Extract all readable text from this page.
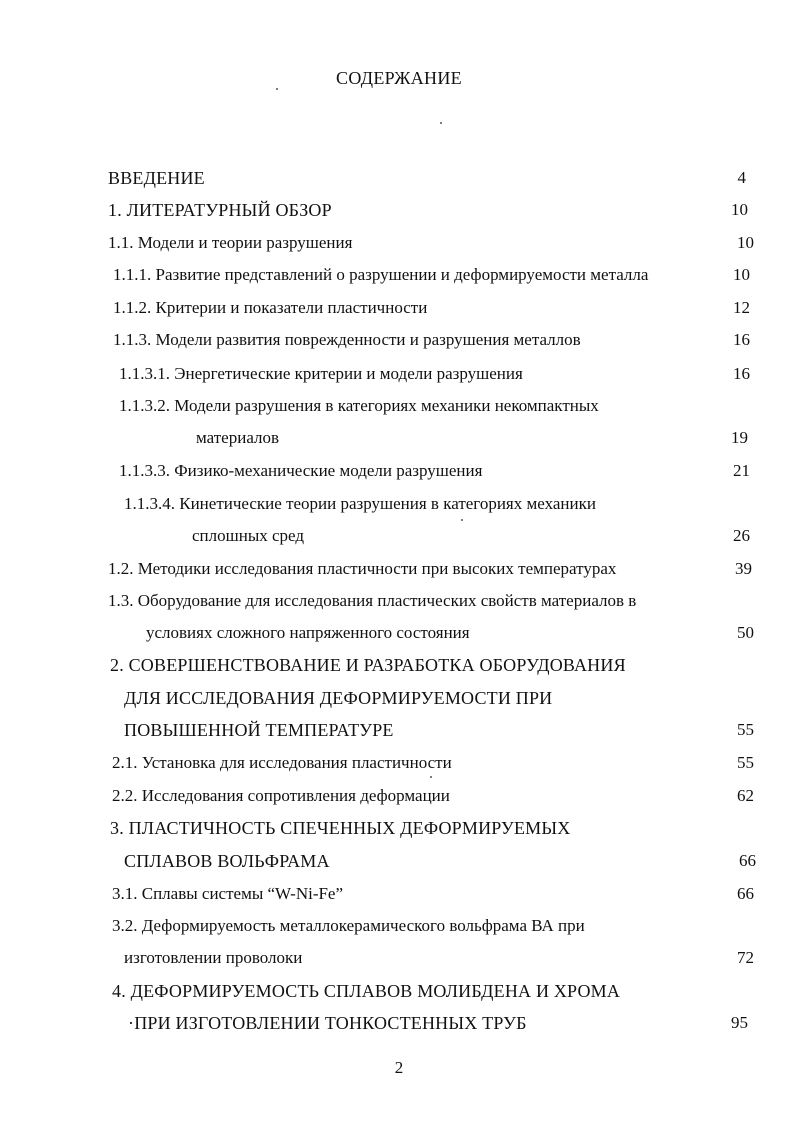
СОДЕРЖАНИЕ
ВВЕДЕНИЕ	4
1. ЛИТЕРАТУРНЫЙ ОБЗОР	10
1.1. Модели и теории разрушения	10
1.1.1. Развитие представлений о разрушении и деформируемости металла	10
1.1.2. Критерии и показатели пластичности	12
1.1.3. Модели развития поврежденности и разрушения металлов	16
1.1.3.1. Энергетические критерии и модели разрушения	16
1.1.3.2. Модели разрушения в категориях механики некомпактных
материалов	19
1.1.3.3. Физико-механические модели разрушения	21
1.1.3.4. Кинетические теории разрушения в категориях механики
сплошных сред	26
1.2. Методики исследования пластичности при высоких температурах	39
1.3. Оборудование для исследования пластических свойств материалов в
условиях сложного напряженного состояния	50
2. СОВЕРШЕНСТВОВАНИЕ И РАЗРАБОТКА ОБОРУДОВАНИЯ
ДЛЯ ИССЛЕДОВАНИЯ ДЕФОРМИРУЕМОСТИ ПРИ
ПОВЫШЕННОЙ ТЕМПЕРАТУРЕ	55
2.1. Установка для исследования пластичности	55
2.2. Исследования сопротивления деформации	62
3. ПЛАСТИЧНОСТЬ СПЕЧЕННЫХ ДЕФОРМИРУЕМЫХ
СПЛАВОВ ВОЛЬФРАМА	66
3.1. Сплавы системы “W-Ni-Fe”	66
3.2. Деформируемость металлокерамического вольфрама ВА при
изготовлении проволоки	72
4. ДЕФОРМИРУЕМОСТЬ СПЛАВОВ МОЛИБДЕНА И ХРОМА
·ПРИ ИЗГОТОВЛЕНИИ ТОНКОСТЕННЫХ ТРУБ	95
2
